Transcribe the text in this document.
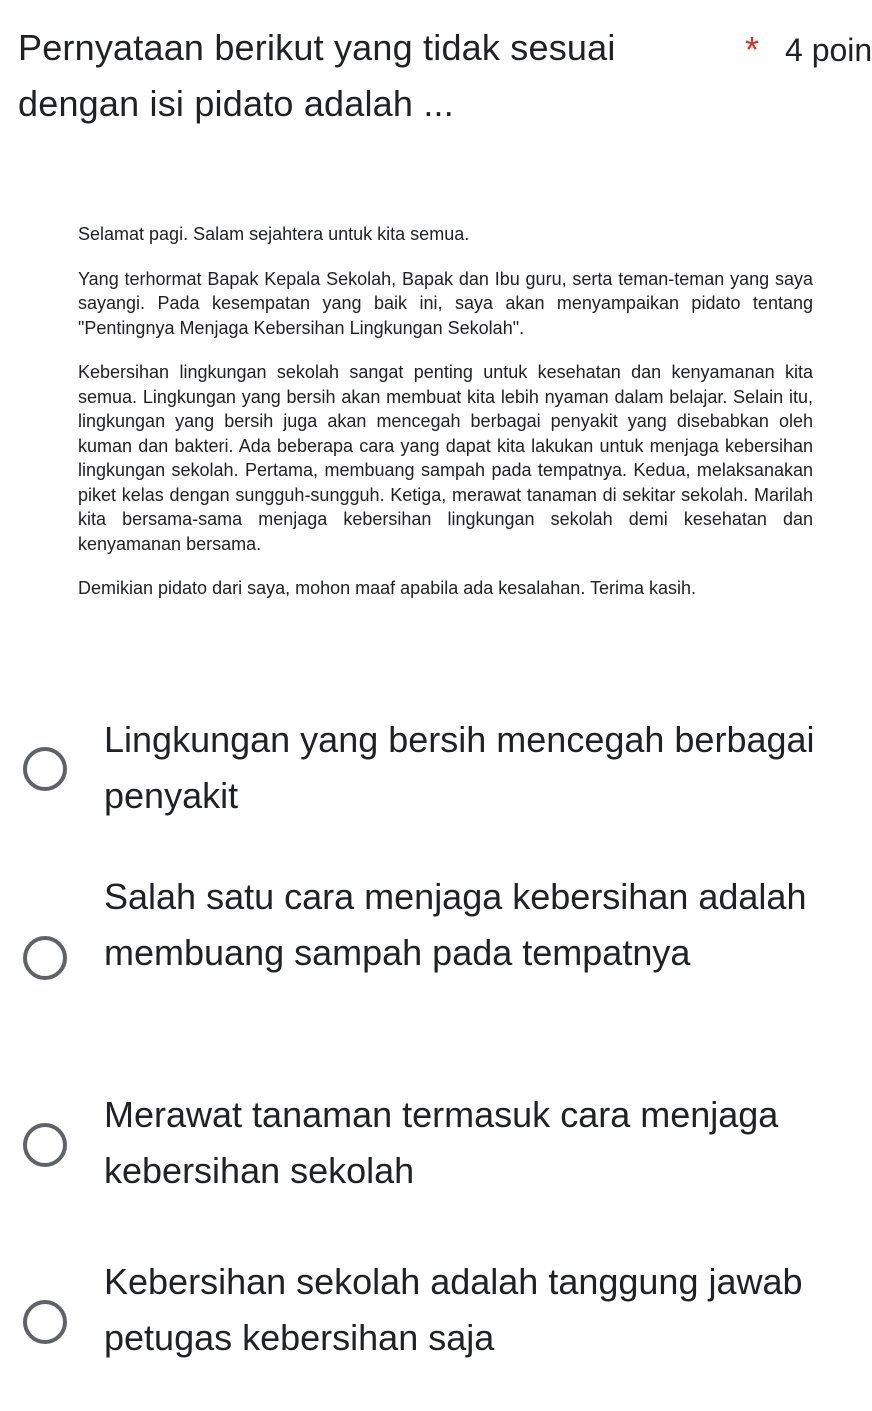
Pernyataan berikut yang tidak sesuai dengan isi pidato adalah ...
* 4 poin

Selamat pagi. Salam sejahtera untuk kita semua.

Yang terhormat Bapak Kepala Sekolah, Bapak dan Ibu guru, serta teman-teman yang saya sayangi. Pada kesempatan yang baik ini, saya akan menyampaikan pidato tentang "Pentingnya Menjaga Kebersihan Lingkungan Sekolah".

Kebersihan lingkungan sekolah sangat penting untuk kesehatan dan kenyamanan kita semua. Lingkungan yang bersih akan membuat kita lebih nyaman dalam belajar. Selain itu, lingkungan yang bersih juga akan mencegah berbagai penyakit yang disebabkan oleh kuman dan bakteri. Ada beberapa cara yang dapat kita lakukan untuk menjaga kebersihan lingkungan sekolah. Pertama, membuang sampah pada tempatnya. Kedua, melaksanakan piket kelas dengan sungguh-sungguh. Ketiga, merawat tanaman di sekitar sekolah. Marilah kita bersama-sama menjaga kebersihan lingkungan sekolah demi kesehatan dan kenyamanan bersama.

Demikian pidato dari saya, mohon maaf apabila ada kesalahan. Terima kasih.

Lingkungan yang bersih mencegah berbagai penyakit
Salah satu cara menjaga kebersihan adalah membuang sampah pada tempatnya
Merawat tanaman termasuk cara menjaga kebersihan sekolah
Kebersihan sekolah adalah tanggung jawab petugas kebersihan saja
